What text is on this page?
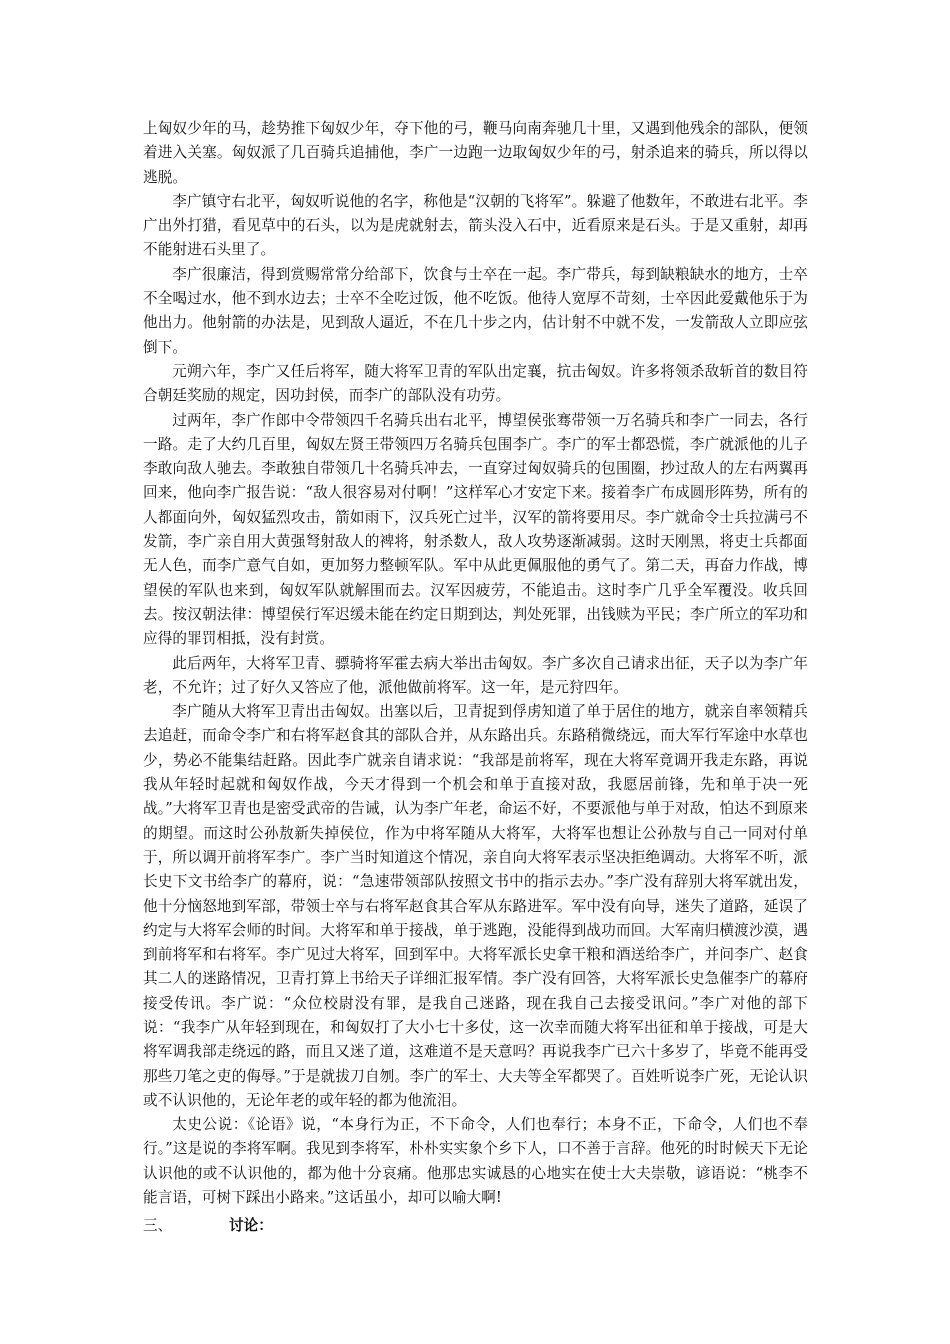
上匈奴少年的马，趁势推下匈奴少年，夺下他的弓，鞭马向南奔驰几十里，又遇到他残余的部队，便领着进入关塞。匈奴派了几百骑兵追捕他，李广一边跑一边取匈奴少年的弓，射杀追来的骑兵，所以得以逃脱。

李广镇守右北平，匈奴听说他的名字，称他是“汉朝的飞将军”。躲避了他数年，不敢进右北平。李广出外打猎，看见草中的石头，以为是虎就射去，箭头没入石中，近看原来是石头。于是又重射，却再不能射进石头里了。

李广很廉洁，得到赏赐常常分给部下，饮食与士卒在一起。李广带兵，每到缺粮缺水的地方，士卒不全喝过水，他不到水边去；士卒不全吃过饭，他不吃饭。他待人宽厚不苛刻，士卒因此爱戴他乐于为他出力。他射箭的办法是，见到敌人逼近，不在几十步之内，估计射不中就不发，一发箭敌人立即应弦倒下。

元朔六年，李广又任后将军，随大将军卫青的军队出定襄，抗击匈奴。许多将领杀敌斩首的数目符合朝廷奖励的规定，因功封侯，而李广的部队没有功劳。

过两年，李广作郎中令带领四千名骑兵出右北平，博望侯张骞带领一万名骑兵和李广一同去，各行一路。走了大约几百里，匈奴左贤王带领四万名骑兵包围李广。李广的军士都恐慌，李广就派他的儿子李敢向敌人驰去。李敢独自带领几十名骑兵冲去，一直穿过匈奴骑兵的包围圈，抄过敌人的左右两翼再回来，他向李广报告说：“敌人很容易对付啊！”这样军心才安定下来。接着李广布成圆形阵势，所有的人都面向外，匈奴猛烈攻击，箭如雨下，汉兵死亡过半，汉军的箭将要用尽。李广就命令士兵拉满弓不发箭，李广亲自用大黄强弩射敌人的裨将，射杀数人，敌人攻势逐渐减弱。这时天刚黑，将吏士兵都面无人色，而李广意气自如，更加努力整顿军队。军中从此更佩服他的勇气了。第二天，再奋力作战，博望侯的军队也来到，匈奴军队就解围而去。汉军因疲劳，不能追击。这时李广几乎全军覆没。收兵回去。按汉朝法律：博望侯行军迟缓未能在约定日期到达，判处死罪，出钱赎为平民；李广所立的军功和应得的罪罚相抵，没有封赏。

此后两年，大将军卫青、骠骑将军霍去病大举出击匈奴。李广多次自己请求出征，天子以为李广年老，不允许；过了好久又答应了他，派他做前将军。这一年，是元狩四年。

李广随从大将军卫青出击匈奴。出塞以后，卫青捉到俘虏知道了单于居住的地方，就亲自率领精兵去追赶，而命令李广和右将军赵食其的部队合并，从东路出兵。东路稍微绕远，而大军行军途中水草也少，势必不能集结赶路。因此李广就亲自请求说：“我部是前将军，现在大将军竟调开我走东路，再说我从年轻时起就和匈奴作战，今天才得到一个机会和单于直接对敌，我愿居前锋，先和单于决一死战。”大将军卫青也是密受武帝的告诫，认为李广年老，命运不好，不要派他与单于对敌，怕达不到原来的期望。而这时公孙敖新失掉侯位，作为中将军随从大将军，大将军也想让公孙敖与自己一同对付单于，所以调开前将军李广。李广当时知道这个情况，亲自向大将军表示坚决拒绝调动。大将军不听，派长史下文书给李广的幕府，说：“急速带领部队按照文书中的指示去办。”李广没有辞别大将军就出发，他十分恼怒地到军部，带领士卒与右将军赵食其合军从东路进军。军中没有向导，迷失了道路，延误了约定与大将军会师的时间。大将军和单于接战，单于逃跑，没能得到战功而回。大军南归横渡沙漠，遇到前将军和右将军。李广见过大将军，回到军中。大将军派长史拿干粮和酒送给李广，并问李广、赵食其二人的迷路情况，卫青打算上书给天子详细汇报军情。李广没有回答，大将军派长史急催李广的幕府接受传讯。李广说：“众位校尉没有罪，是我自己迷路，现在我自己去接受讯问。”李广对他的部下说：“我李广从年轻到现在，和匈奴打了大小七十多仗，这一次幸而随大将军出征和单于接战，可是大将军调我部走绕远的路，而且又迷了道，这难道不是天意吗？再说我李广已六十多岁了，毕竟不能再受那些刀笔之吏的侮辱。”于是就拔刀自刎。李广的军士、大夫等全军都哭了。百姓听说李广死，无论认识或不认识他的，无论年老的或年轻的都为他流泪。

太史公说：《论语》说，“本身行为正，不下命令，人们也奉行；本身不正，下命令，人们也不奉行。”这是说的李将军啊。我见到李将军，朴朴实实象个乡下人，口不善于言辞。他死的时时候天下无论认识他的或不认识他的，都为他十分哀痛。他那忠实诚恳的心地实在使士大夫崇敬，谚语说：“桃李不能言语，可树下踩出小路来。”这话虽小，却可以喻大啊!

三、	讨论：
